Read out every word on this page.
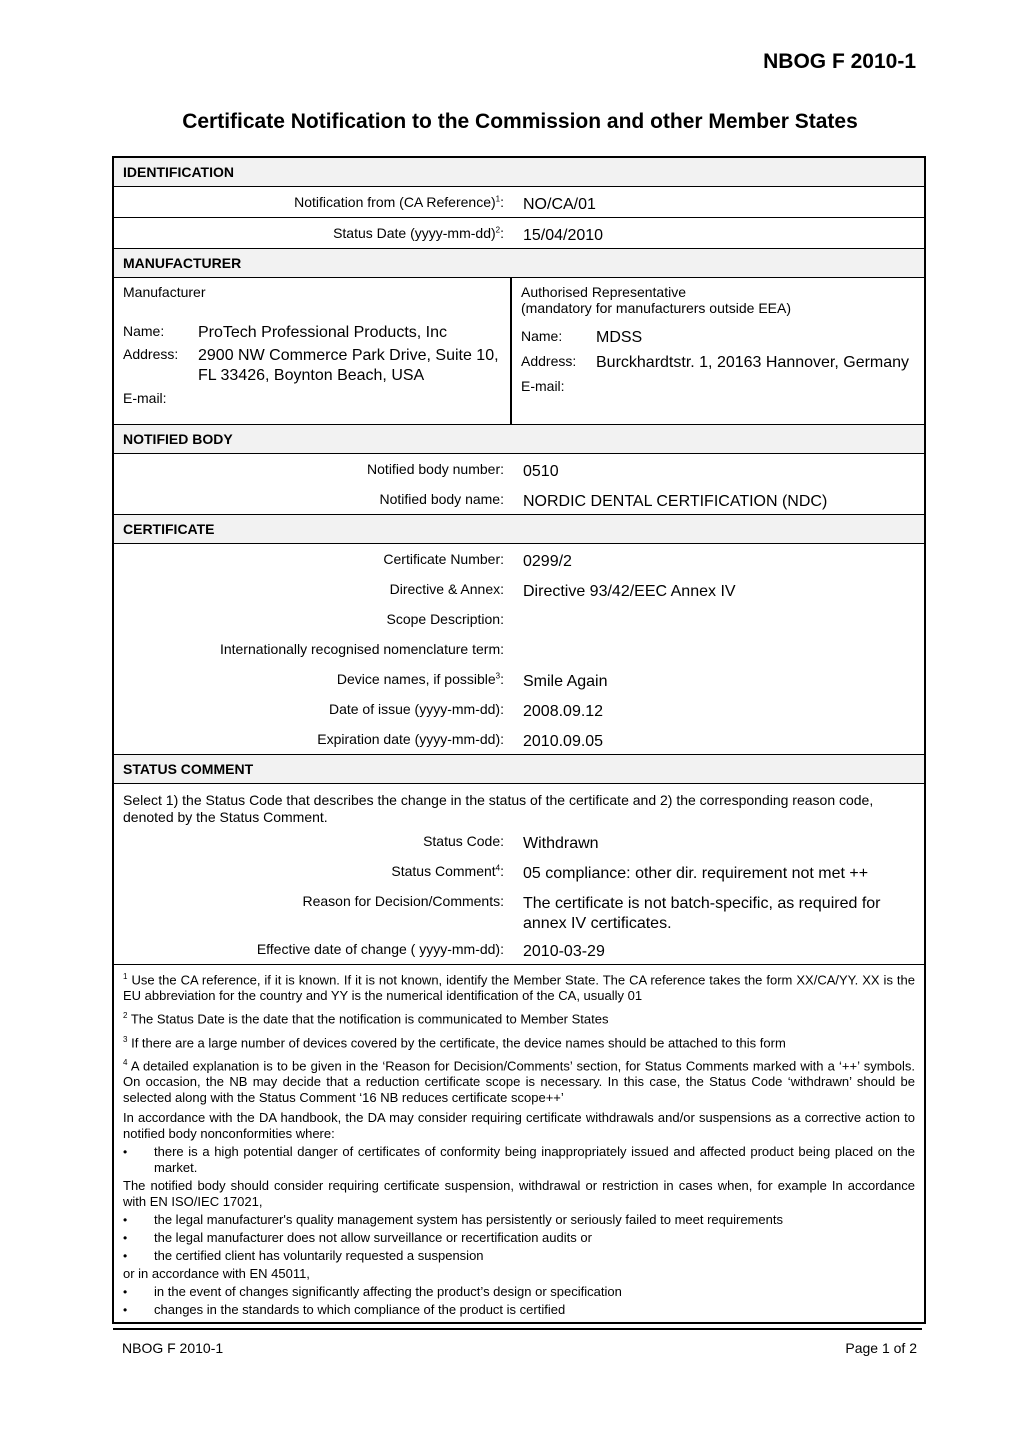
NBOG F 2010-1
Certificate Notification to the Commission and other Member States
IDENTIFICATION
Notification from (CA Reference)$^1$:	NO/CA/01
Status Date (yyyy-mm-dd)$^2$:	15/04/2010
MANUFACTURER
Manufacturer
Name:	ProTech Professional Products, Inc
Address:	2900 NW Commerce Park Drive, Suite 10, FL 33426, Boynton Beach, USA
E-mail:
Authorised Representative
(mandatory for manufacturers outside EEA)
Name:	MDSS
Address:	Burckhardtstr. 1, 20163 Hannover, Germany
E-mail:
NOTIFIED BODY
Notified body number:	0510
Notified body name:	NORDIC DENTAL CERTIFICATION (NDC)
CERTIFICATE
Certificate Number:	0299/2
Directive & Annex:	Directive 93/42/EEC Annex IV
Scope Description:
Internationally recognised nomenclature term:
Device names, if possible$^3$:	Smile Again
Date of issue (yyyy-mm-dd):	2008.09.12
Expiration date (yyyy-mm-dd):	2010.09.05
STATUS COMMENT
Select 1) the Status Code that describes the change in the status of the certificate and 2) the corresponding reason code, denoted by the Status Comment.
Status Code:	Withdrawn
Status Comment$^4$:	05 compliance: other dir. requirement not met ++
Reason for Decision/Comments:	The certificate is not batch-specific, as required for annex IV certificates.
Effective date of change ( yyyy-mm-dd):	2010-03-29

$^1$ Use the CA reference, if it is known. If it is not known, identify the Member State. The CA reference takes the form XX/CA/YY. XX is the EU abbreviation for the country and YY is the numerical identification of the CA, usually 01

$^2$ The Status Date is the date that the notification is communicated to Member States

$^3$ If there are a large number of devices covered by the certificate, the device names should be attached to this form

$^4$ A detailed explanation is to be given in the ‘Reason for Decision/Comments’ section, for Status Comments marked with a ‘++’ symbols. On occasion, the NB may decide that a reduction certificate scope is necessary. In this case, the Status Code ‘withdrawn’ should be selected along with the Status Comment ‘16 NB reduces certificate scope++’

In accordance with the DA handbook, the DA may consider requiring certificate withdrawals and/or suspensions as a corrective action to notified body nonconformities where:

• there is a high potential danger of certificates of conformity being inappropriately issued and affected product being placed on the market.

The notified body should consider requiring certificate suspension, withdrawal or restriction in cases when, for example In accordance with EN ISO/IEC 17021,

• the legal manufacturer's quality management system has persistently or seriously failed to meet requirements
• the legal manufacturer does not allow surveillance or recertification audits or
• the certified client has voluntarily requested a suspension

or in accordance with EN 45011,

• in the event of changes significantly affecting the product’s design or specification
• changes in the standards to which compliance of the product is certified
NBOG F 2010-1	Page 1 of 2
